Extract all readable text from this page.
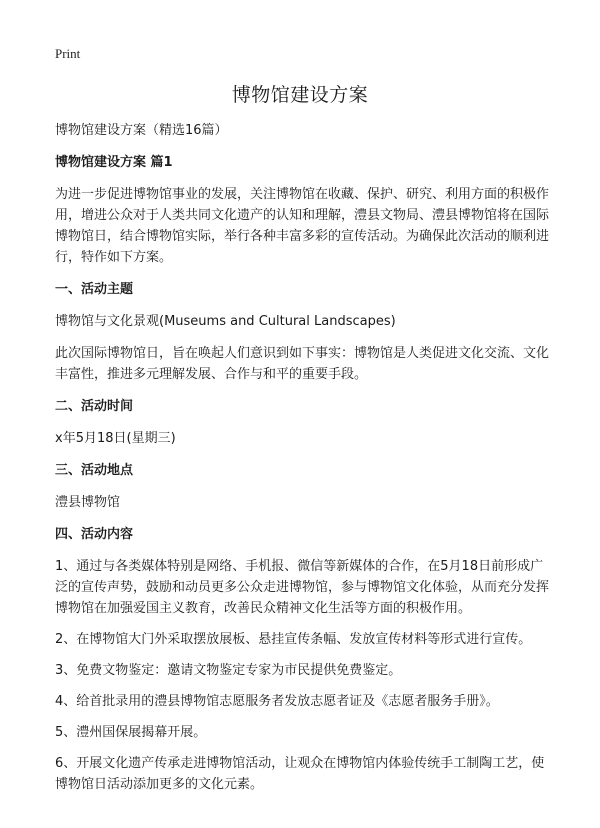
Print
博物馆建设方案

博物馆建设方案（精选16篇）

博物馆建设方案 篇1

为进一步促进博物馆事业的发展，关注博物馆在收藏、保护、研究、利用方面的积极作用，增进公众对于人类共同文化遗产的认知和理解，澧县文物局、澧县博物馆将在国际博物馆日，结合博物馆实际，举行各种丰富多彩的宣传活动。为确保此次活动的顺利进行，特作如下方案。

一、活动主题

博物馆与文化景观(Museums and Cultural Landscapes)

此次国际博物馆日，旨在唤起人们意识到如下事实：博物馆是人类促进文化交流、文化丰富性，推进多元理解发展、合作与和平的重要手段。

二、活动时间

x年5月18日(星期三)

三、活动地点

澧县博物馆

四、活动内容

1、通过与各类媒体特别是网络、手机报、微信等新媒体的合作，在5月18日前形成广泛的宣传声势，鼓励和动员更多公众走进博物馆，参与博物馆文化体验，从而充分发挥博物馆在加强爱国主义教育，改善民众精神文化生活等方面的积极作用。

2、在博物馆大门外采取摆放展板、悬挂宣传条幅、发放宣传材料等形式进行宣传。

3、免费文物鉴定：邀请文物鉴定专家为市民提供免费鉴定。

4、给首批录用的澧县博物馆志愿服务者发放志愿者证及《志愿者服务手册》。

5、澧州国保展揭幕开展。

6、开展文化遗产传承走进博物馆活动，让观众在博物馆内体验传统手工制陶工艺，使博物馆日活动添加更多的文化元素。
